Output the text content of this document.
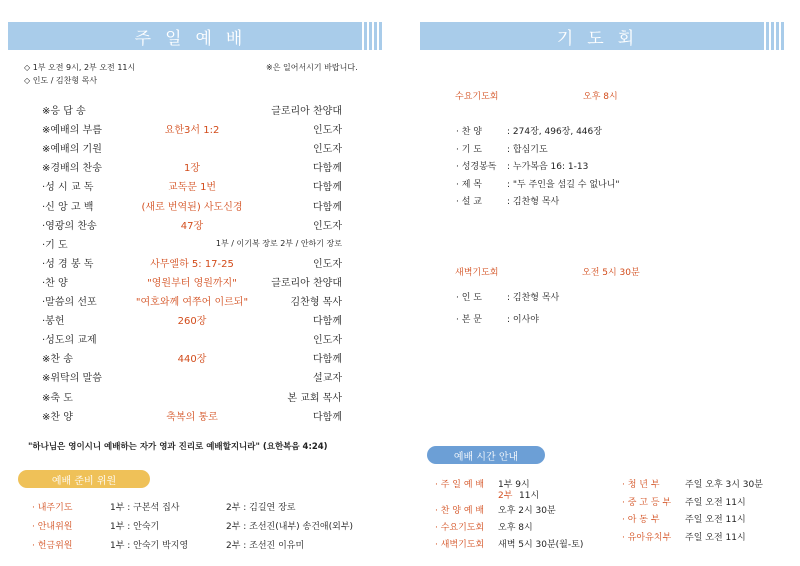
주일예배
◇ 1부 오전 9시, 2부 오전 11시
◇ 인도 / 김찬형 목사
※은 일어서시기 바랍니다.
※응 답 송	글로리아 찬양대
※예배의 부름	요한3서 1:2	인도자
※예배의 기원	인도자
※경배의 찬송	1장	다함께
·성 시 교 독	교독문 1번	다함께
·신 앙 고 백	(새로 번역된) 사도신경	다함께
·영광의 찬송	47장	인도자
·기 도	1부 / 이기복 장로 2부 / 안하기 장로
·성 경 봉 독	사무엘하 5: 17-25	인도자
·찬 양	"영원부터 영원까지"	글로리아 찬양대
·말씀의 선포	"여호와께 여쭈어 이르되"	김찬형 목사
·봉헌	260장	다함께
·성도의 교제	인도자
※찬 송	440장	다함께
※위탁의 말씀	설교자
※축 도	본 교회 목사
※찬 양	축복의 통로	다함께
"하나님은 영이시니 예배하는 자가 영과 진리로 예배할지니라" (요한복음 4:24)
예배 준비 위원
· 내주기도	1부 : 구본석 집사	2부 : 김길연 장로
· 안내위원	1부 : 안숙기	2부 : 조선진(내부) 송건애(외부)
· 헌금위원	1부 : 안숙기 박지영	2부 : 조선진 이유미
기도회
수요기도회	오후 8시
· 찬 양	: 274장, 496장, 446장
· 기 도	: 합심기도
· 성경봉독 : 누가복음 16: 1-13
· 제 목	: "두 주인을 섬길 수 없나니"
· 설 교	: 김찬형 목사
새벽기도회	오전 5시 30분
· 인 도	: 김찬형 목사
· 본 문	: 이사야
예배 시간 안내
· 주 일 예 배 1부 9시
2부 11시
· 찬 양 예 배 오후 2시 30분
· 수요기도회 오후 8시
· 새벽기도회 새벽 5시 30분(월-토)
· 청 년 부	주일 오후 3시 30분
· 중 고 등 부 주일 오전 11시
· 아 동 부	주일 오전 11시
· 유아유치부 주일 오전 11시
